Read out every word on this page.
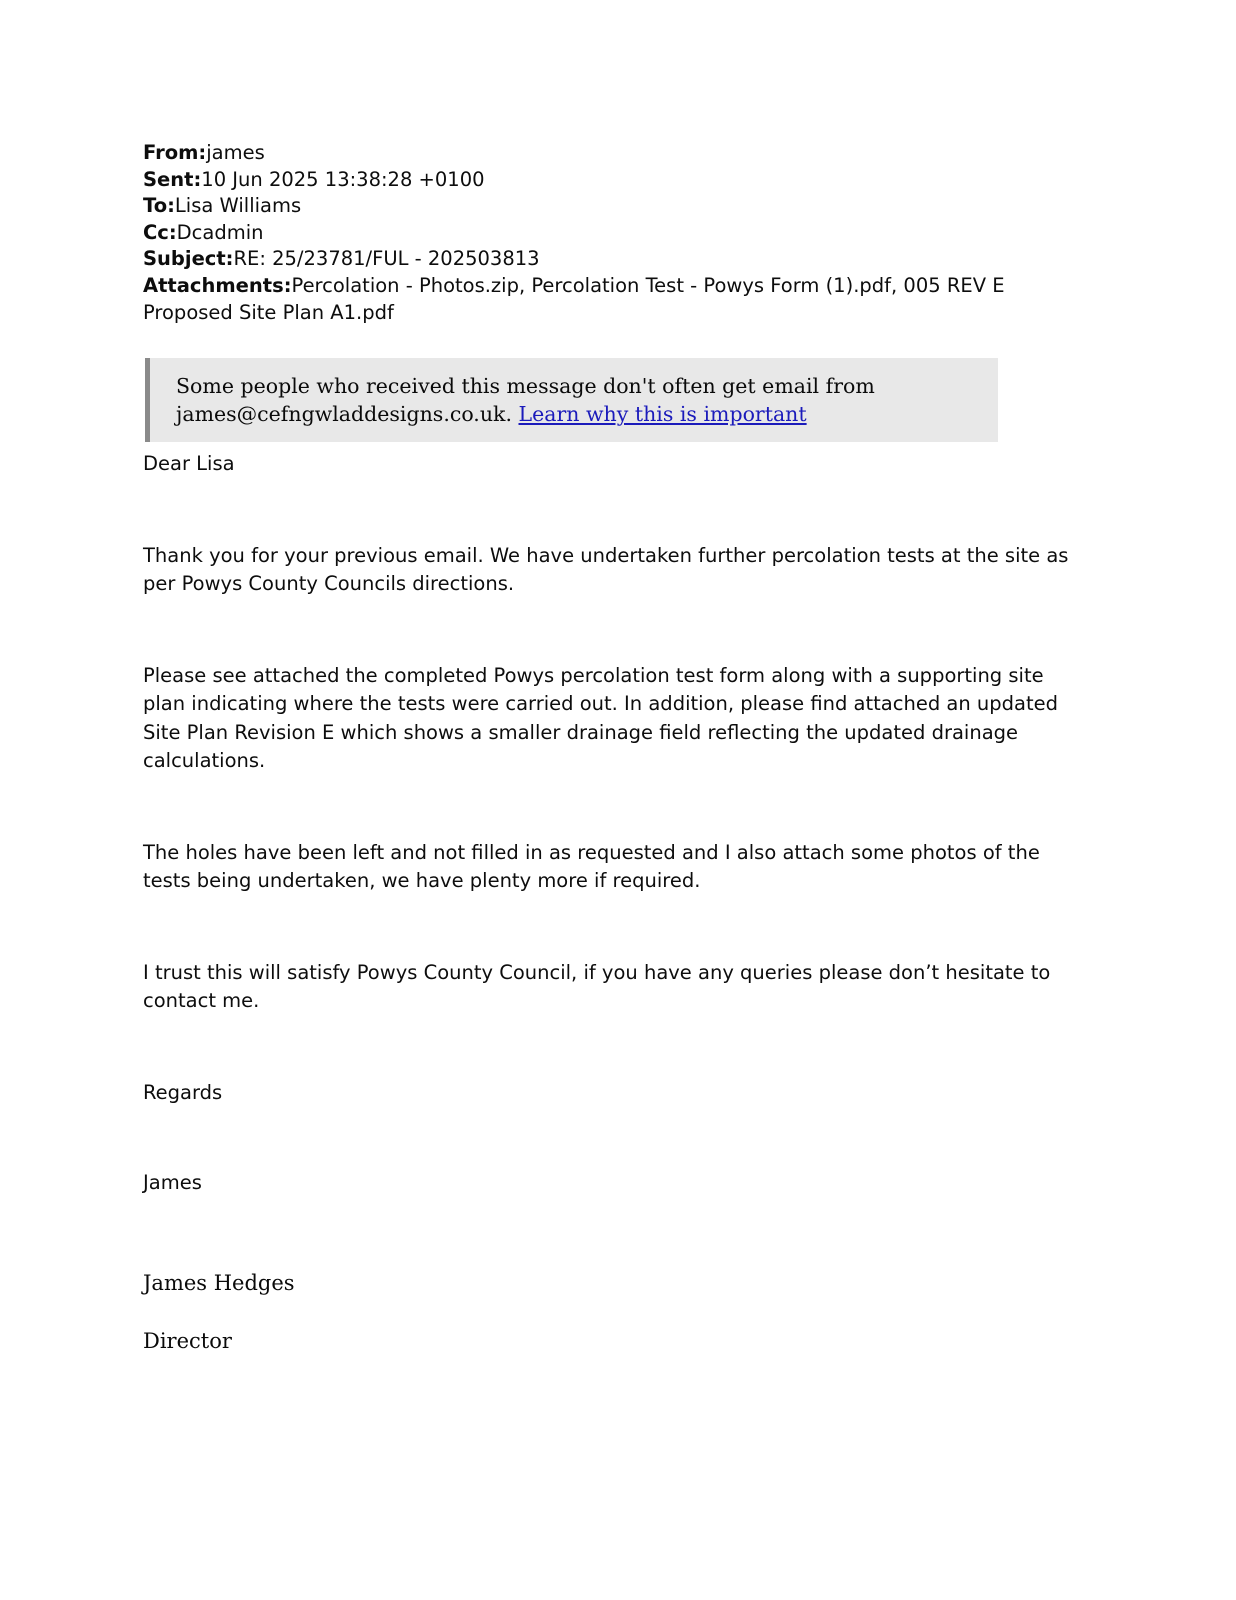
From:james
Sent:10 Jun 2025 13:38:28 +0100
To:Lisa Williams
Cc:Dcadmin
Subject:RE: 25/23781/FUL - 202503813
Attachments:Percolation - Photos.zip, Percolation Test - Powys Form (1).pdf, 005 REV E Proposed Site Plan A1.pdf
Some people who received this message don't often get email from james@cefngwladdesigns.co.uk. Learn why this is important
Dear Lisa
Thank you for your previous email. We have undertaken further percolation tests at the site as per Powys County Councils directions.
Please see attached the completed Powys percolation test form along with a supporting site plan indicating where the tests were carried out. In addition, please find attached an updated Site Plan Revision E which shows a smaller drainage field reflecting the updated drainage calculations.
The holes have been left and not filled in as requested and I also attach some photos of the tests being undertaken, we have plenty more if required.
I trust this will satisfy Powys County Council, if you have any queries please don’t hesitate to contact me.
Regards
James
James Hedges
Director
